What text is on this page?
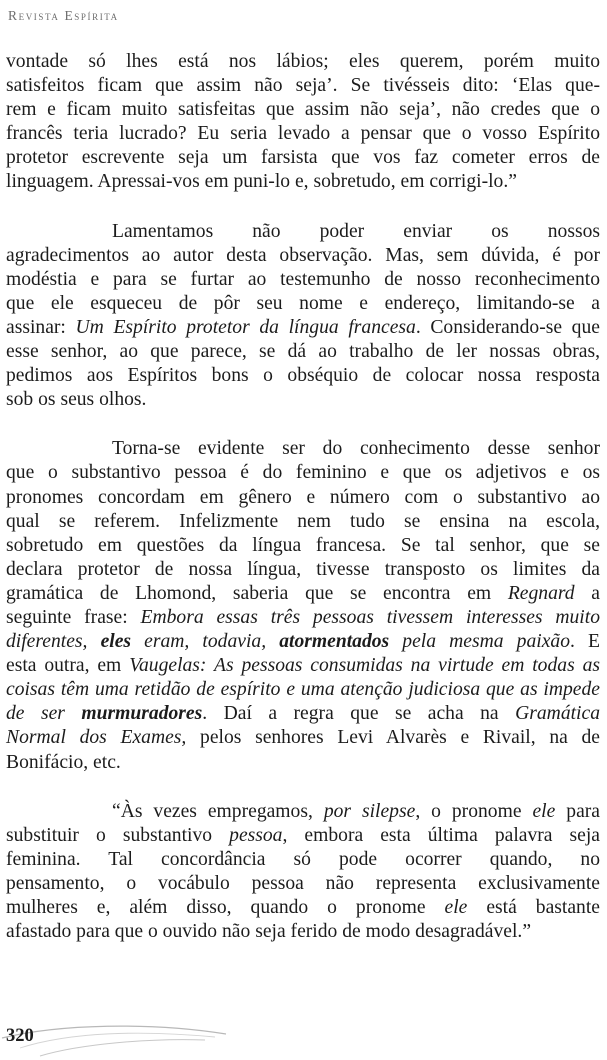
Revista Espírita
vontade só lhes está nos lábios; eles querem, porém muito
satisfeitos ficam que assim não seja’. Se tivésseis dito: ‘Elas que-
rem e ficam muito satisfeitas que assim não seja’, não credes que o
francês teria lucrado? Eu seria levado a pensar que o vosso Espírito
protetor escrevente seja um farsista que vos faz cometer erros de
linguagem. Apressai-vos em puni-lo e, sobretudo, em corrigi-lo.”
Lamentamos não poder enviar os nossos
agradecimentos ao autor desta observação. Mas, sem dúvida, é por
modéstia e para se furtar ao testemunho de nosso reconhecimento
que ele esqueceu de pôr seu nome e endereço, limitando-se a
assinar: Um Espírito protetor da língua francesa. Considerando-se que
esse senhor, ao que parece, se dá ao trabalho de ler nossas obras,
pedimos aos Espíritos bons o obséquio de colocar nossa resposta
sob os seus olhos.
Torna-se evidente ser do conhecimento desse senhor
que o substantivo pessoa é do feminino e que os adjetivos e os
pronomes concordam em gênero e número com o substantivo ao
qual se referem. Infelizmente nem tudo se ensina na escola,
sobretudo em questões da língua francesa. Se tal senhor, que se
declara protetor de nossa língua, tivesse transposto os limites da
gramática de Lhomond, saberia que se encontra em Regnard a
seguinte frase: Embora essas três pessoas tivessem interesses muito
diferentes, eles eram, todavia, atormentados pela mesma paixão. E
esta outra, em Vaugelas: As pessoas consumidas na virtude em todas as
coisas têm uma retidão de espírito e uma atenção judiciosa que as impede
de ser murmuradores. Daí a regra que se acha na Gramática
Normal dos Exames, pelos senhores Levi Alvarès e Rivail, na de
Bonifácio, etc.
“Às vezes empregamos, por silepse, o pronome ele para
substituir o substantivo pessoa, embora esta última palavra seja
feminina. Tal concordância só pode ocorrer quando, no
pensamento, o vocábulo pessoa não representa exclusivamente
mulheres e, além disso, quando o pronome ele está bastante
afastado para que o ouvido não seja ferido de modo desagradável.”
320
